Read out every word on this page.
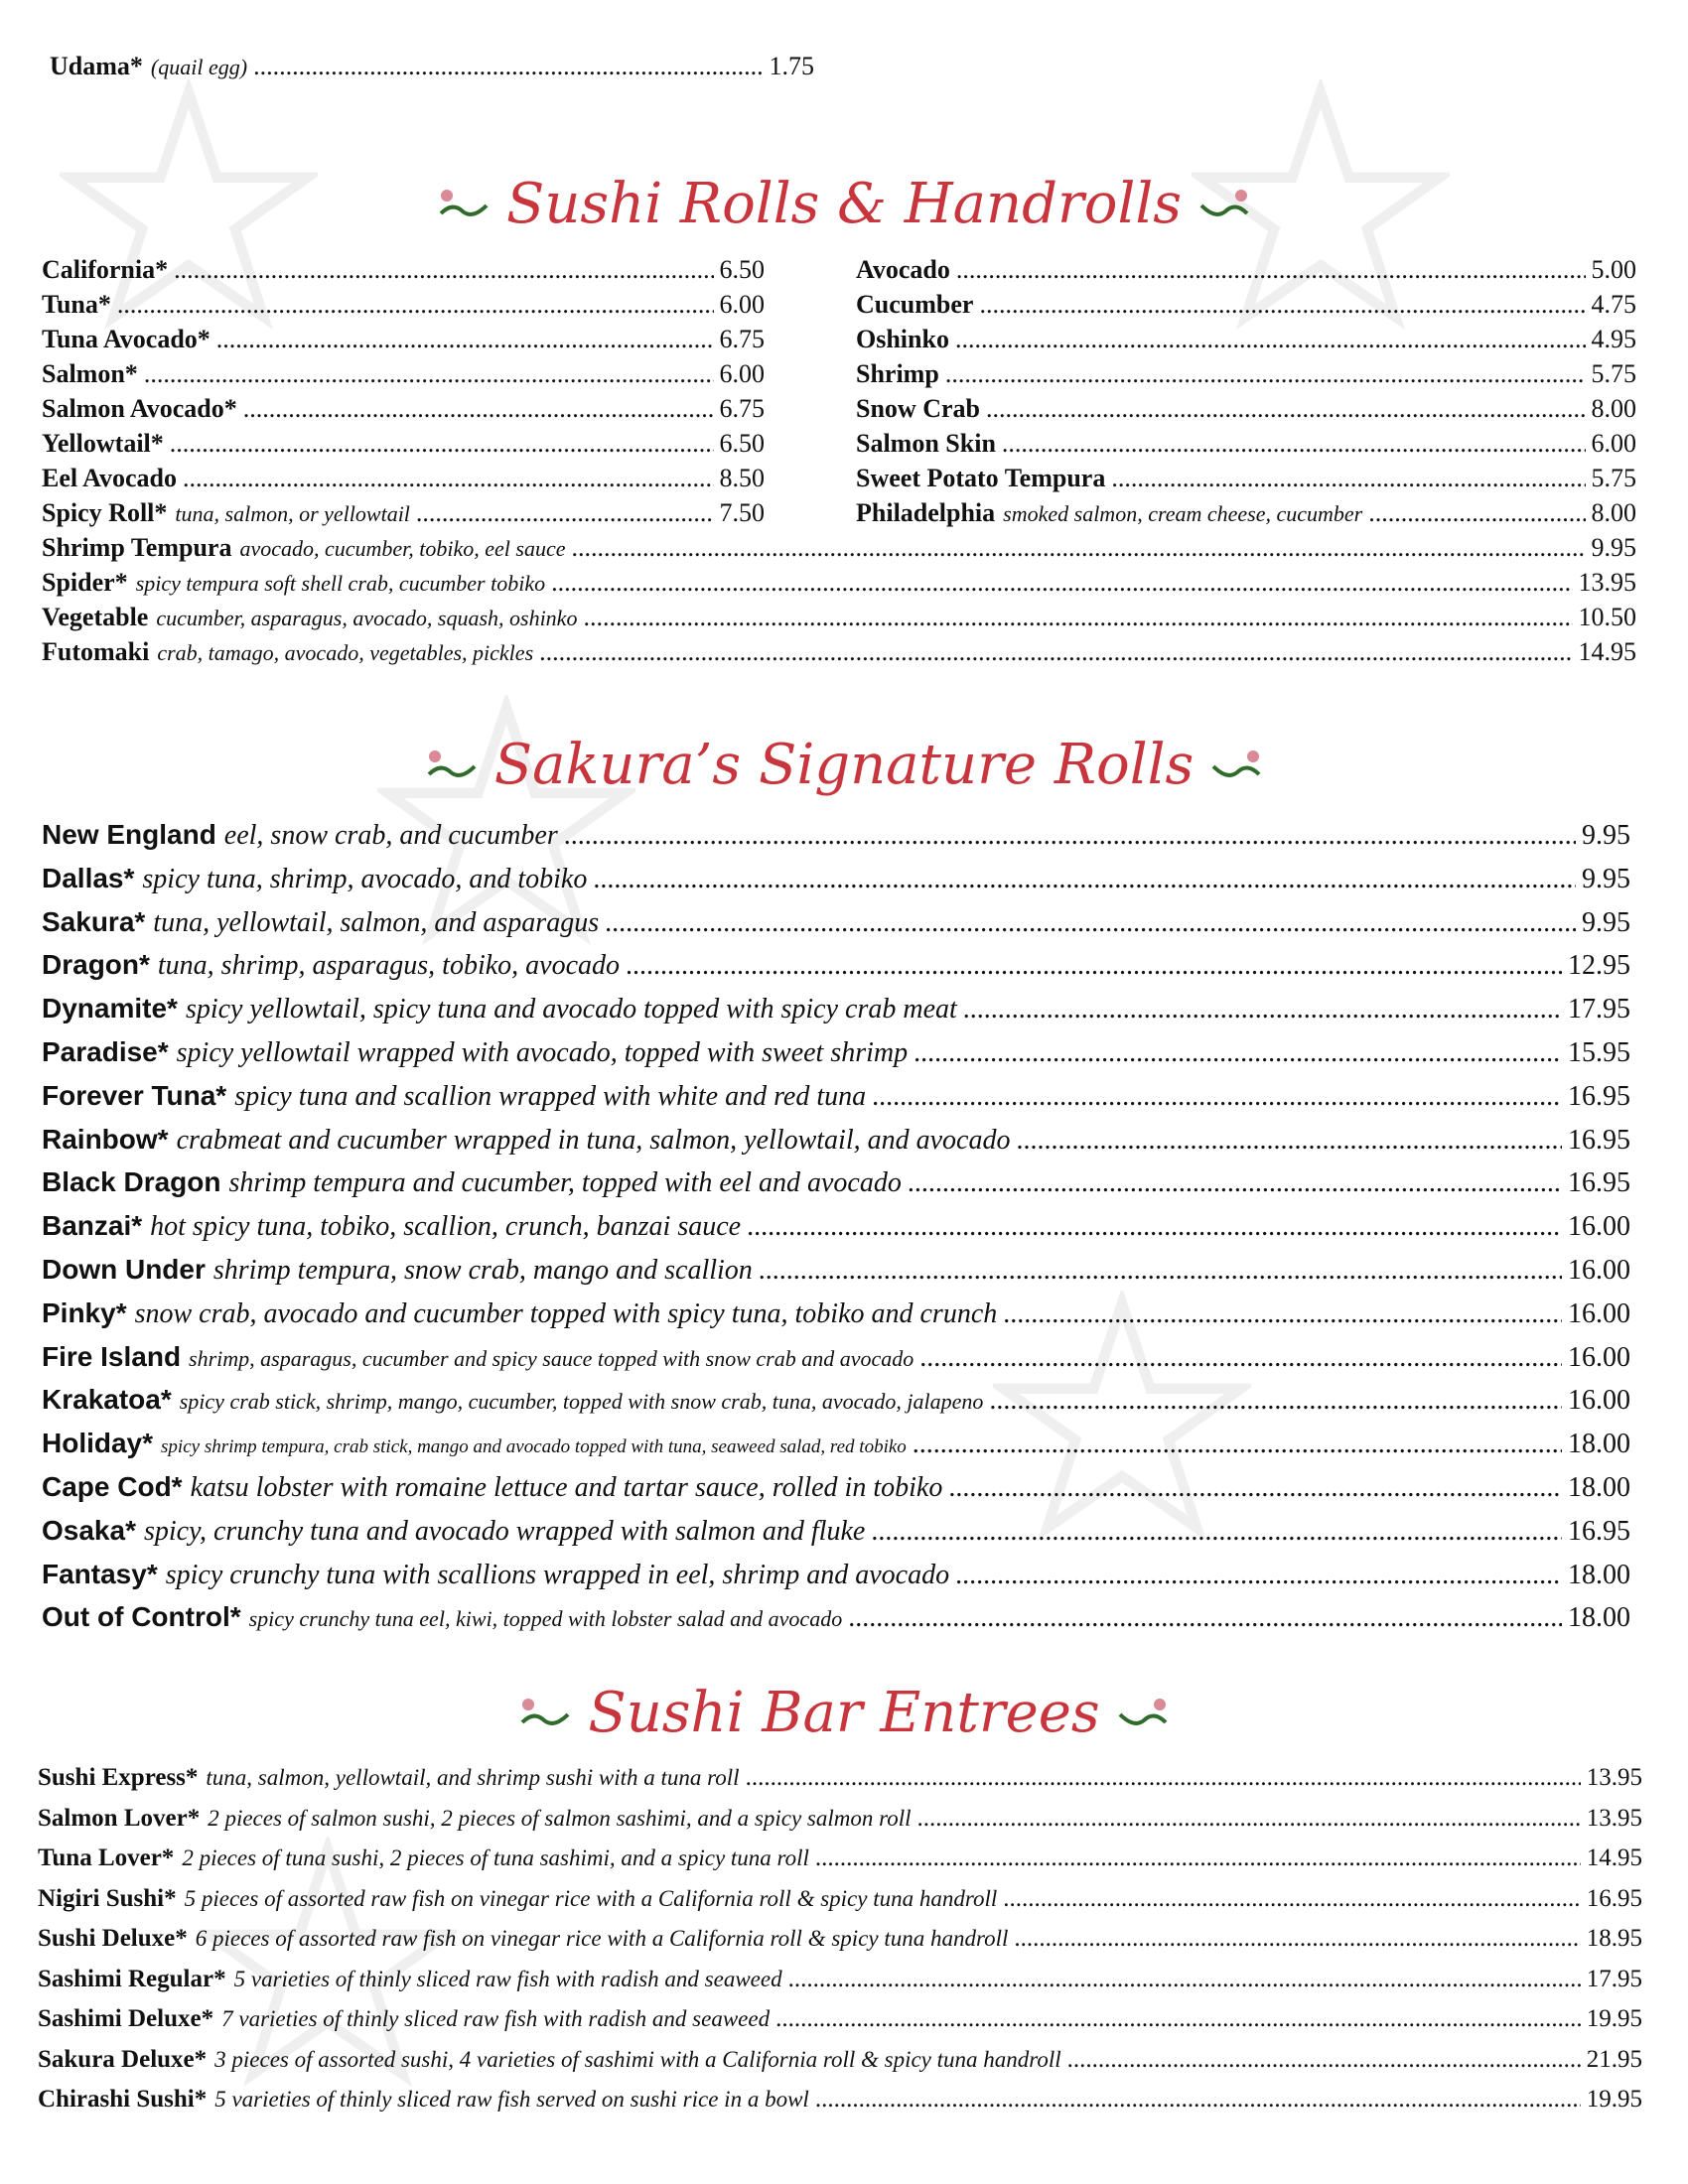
Udama* (quail egg) .....	1.75
Sushi Rolls & Handrolls
California* .....	6.50
Tuna* .....	6.00
Tuna Avocado* .....	6.75
Salmon* .....	6.00
Salmon Avocado* .....	6.75
Yellowtail* .....	6.50
Eel Avocado .....	8.50
Spicy Roll* tuna, salmon, or yellowtail .....	7.50
Avocado .....	5.00
Cucumber .....	4.75
Oshinko .....	4.95
Shrimp .....	5.75
Snow Crab .....	8.00
Salmon Skin .....	6.00
Sweet Potato Tempura .....	5.75
Philadelphia smoked salmon, cream cheese, cucumber .....	8.00
Shrimp Tempura avocado, cucumber, tobiko, eel sauce .....	9.95
Spider* spicy tempura soft shell crab, cucumber tobiko .....	13.95
Vegetable cucumber, asparagus, avocado, squash, oshinko .....	10.50
Futomaki crab, tamago, avocado, vegetables, pickles .....	14.95
Sakura’s Signature Rolls
New England eel, snow crab, and cucumber .....	9.95
Dallas* spicy tuna, shrimp, avocado, and tobiko .....	9.95
Sakura* tuna, yellowtail, salmon, and asparagus .....	9.95
Dragon* tuna, shrimp, asparagus, tobiko, avocado .....	12.95
Dynamite* spicy yellowtail, spicy tuna and avocado topped with spicy crab meat .....	17.95
Paradise* spicy yellowtail wrapped with avocado, topped with sweet shrimp .....	15.95
Forever Tuna* spicy tuna and scallion wrapped with white and red tuna .....	16.95
Rainbow* crabmeat and cucumber wrapped in tuna, salmon, yellowtail, and avocado .....	16.95
Black Dragon shrimp tempura and cucumber, topped with eel and avocado .....	16.95
Banzai* hot spicy tuna, tobiko, scallion, crunch, banzai sauce .....	16.00
Down Under shrimp tempura, snow crab, mango and scallion .....	16.00
Pinky* snow crab, avocado and cucumber topped with spicy tuna, tobiko and crunch .....	16.00
Fire Island shrimp, asparagus, cucumber and spicy sauce topped with snow crab and avocado .....	16.00
Krakatoa* spicy crab stick, shrimp, mango, cucumber, topped with snow crab, tuna, avocado, jalapeno .....	16.00
Holiday* spicy shrimp tempura, crab stick, mango and avocado topped with tuna, seaweed salad, red tobiko .....	18.00
Cape Cod* katsu lobster with romaine lettuce and tartar sauce, rolled in tobiko .....	18.00
Osaka* spicy, crunchy tuna and avocado wrapped with salmon and fluke .....	16.95
Fantasy* spicy crunchy tuna with scallions wrapped in eel, shrimp and avocado .....	18.00
Out of Control* spicy crunchy tuna eel, kiwi, topped with lobster salad and avocado .....	18.00
Sushi Bar Entrees
Sushi Express* tuna, salmon, yellowtail, and shrimp sushi with a tuna roll .....	13.95
Salmon Lover* 2 pieces of salmon sushi, 2 pieces of salmon sashimi, and a spicy salmon roll .....	13.95
Tuna Lover* 2 pieces of tuna sushi, 2 pieces of tuna sashimi, and a spicy tuna roll .....	14.95
Nigiri Sushi* 5 pieces of assorted raw fish on vinegar rice with a California roll & spicy tuna handroll .....	16.95
Sushi Deluxe* 6 pieces of assorted raw fish on vinegar rice with a California roll & spicy tuna handroll .....	18.95
Sashimi Regular* 5 varieties of thinly sliced raw fish with radish and seaweed .....	17.95
Sashimi Deluxe* 7 varieties of thinly sliced raw fish with radish and seaweed .....	19.95
Sakura Deluxe* 3 pieces of assorted sushi, 4 varieties of sashimi with a California roll & spicy tuna handroll .....	21.95
Chirashi Sushi* 5 varieties of thinly sliced raw fish served on sushi rice in a bowl .....	19.95
